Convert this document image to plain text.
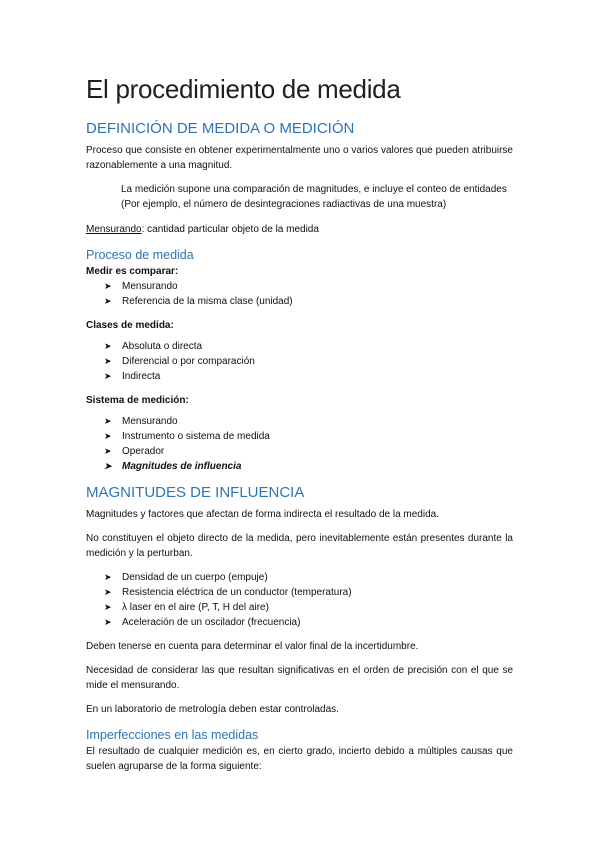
El procedimiento de medida
DEFINICIÓN DE MEDIDA O MEDICIÓN

Proceso que consiste en obtener experimentalmente uno o varios valores que pueden atribuirse razonablemente a una magnitud.

La medición supone una comparación de magnitudes, e incluye el conteo de entidades (Por ejemplo, el número de desintegraciones radiactivas de una muestra)

Mensurando: cantidad particular objeto de la medida

Proceso de medida

Medir es comparar:

➤ Mensurando
➤ Referencia de la misma clase (unidad)

Clases de medida:

➤ Absoluta o directa
➤ Diferencial o por comparación
➤ Indirecta

Sistema de medición:

➤ Mensurando
➤ Instrumento o sistema de medida
➤ Operador
➤ Magnitudes de influencia
MAGNITUDES DE INFLUENCIA

Magnitudes y factores que afectan de forma indirecta el resultado de la medida.

No constituyen el objeto directo de la medida, pero inevitablemente están presentes durante la medición y la perturban.

➤ Densidad de un cuerpo (empuje)
➤ Resistencia eléctrica de un conductor (temperatura)
➤ λ laser en el aire (P, T, H del aire)
➤ Aceleración de un oscilador (frecuencia)

Deben tenerse en cuenta para determinar el valor final de la incertidumbre.

Necesidad de considerar las que resultan significativas en el orden de precisión con el que se mide el mensurando.

En un laboratorio de metrología deben estar controladas.

Imperfecciones en las medidas

El resultado de cualquier medición es, en cierto grado, incierto debido a múltiples causas que suelen agruparse de la forma siguiente:
